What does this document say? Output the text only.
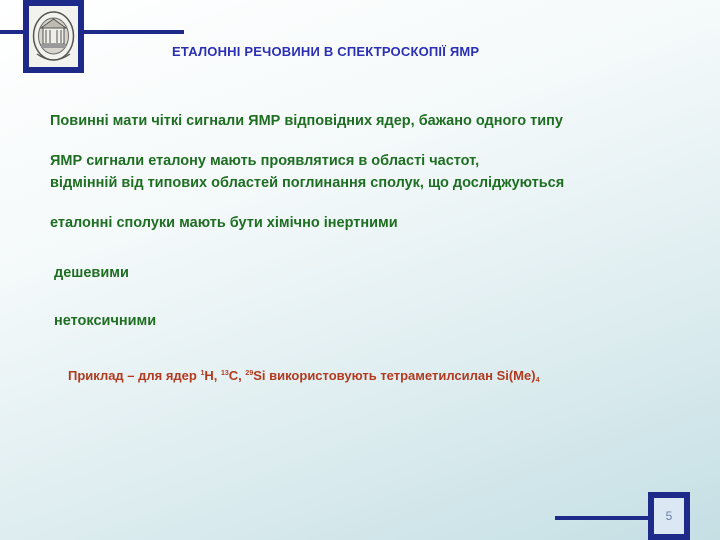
ЕТАЛОННІ РЕЧОВИНИ В СПЕКТРОСКОПІЇ ЯМР
Повинні мати чіткі сигнали ЯМР відповідних ядер, бажано одного типу
ЯМР сигнали еталону мають проявлятися в області частот,
відмінній від типових областей поглинання сполук, що досліджуються
еталонні сполуки мають бути хімічно інертними
дешевими
нетоксичними
Приклад – для ядер $^1$H, $^{13}$C, $^{29}$Si використовують тетраметилсилан $Si(Me)_4$
5
